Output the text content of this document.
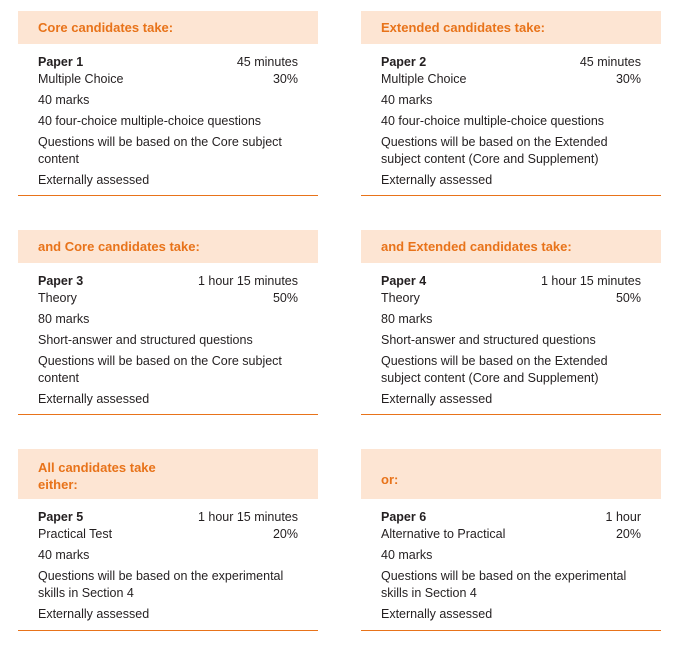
Core candidates take:
Paper 1	45 minutes
Multiple Choice	30%
40 marks
40 four-choice multiple-choice questions
Questions will be based on the Core subject content
Externally assessed
Extended candidates take:
Paper 2	45 minutes
Multiple Choice	30%
40 marks
40 four-choice multiple-choice questions
Questions will be based on the Extended subject content (Core and Supplement)
Externally assessed
and Core candidates take:
Paper 3	1 hour 15 minutes
Theory	50%
80 marks
Short-answer and structured questions
Questions will be based on the Core subject content
Externally assessed
and Extended candidates take:
Paper 4	1 hour 15 minutes
Theory	50%
80 marks
Short-answer and structured questions
Questions will be based on the Extended subject content (Core and Supplement)
Externally assessed
All candidates take either:
Paper 5	1 hour 15 minutes
Practical Test	20%
40 marks
Questions will be based on the experimental skills in Section 4
Externally assessed
or:
Paper 6	1 hour
Alternative to Practical	20%
40 marks
Questions will be based on the experimental skills in Section 4
Externally assessed
